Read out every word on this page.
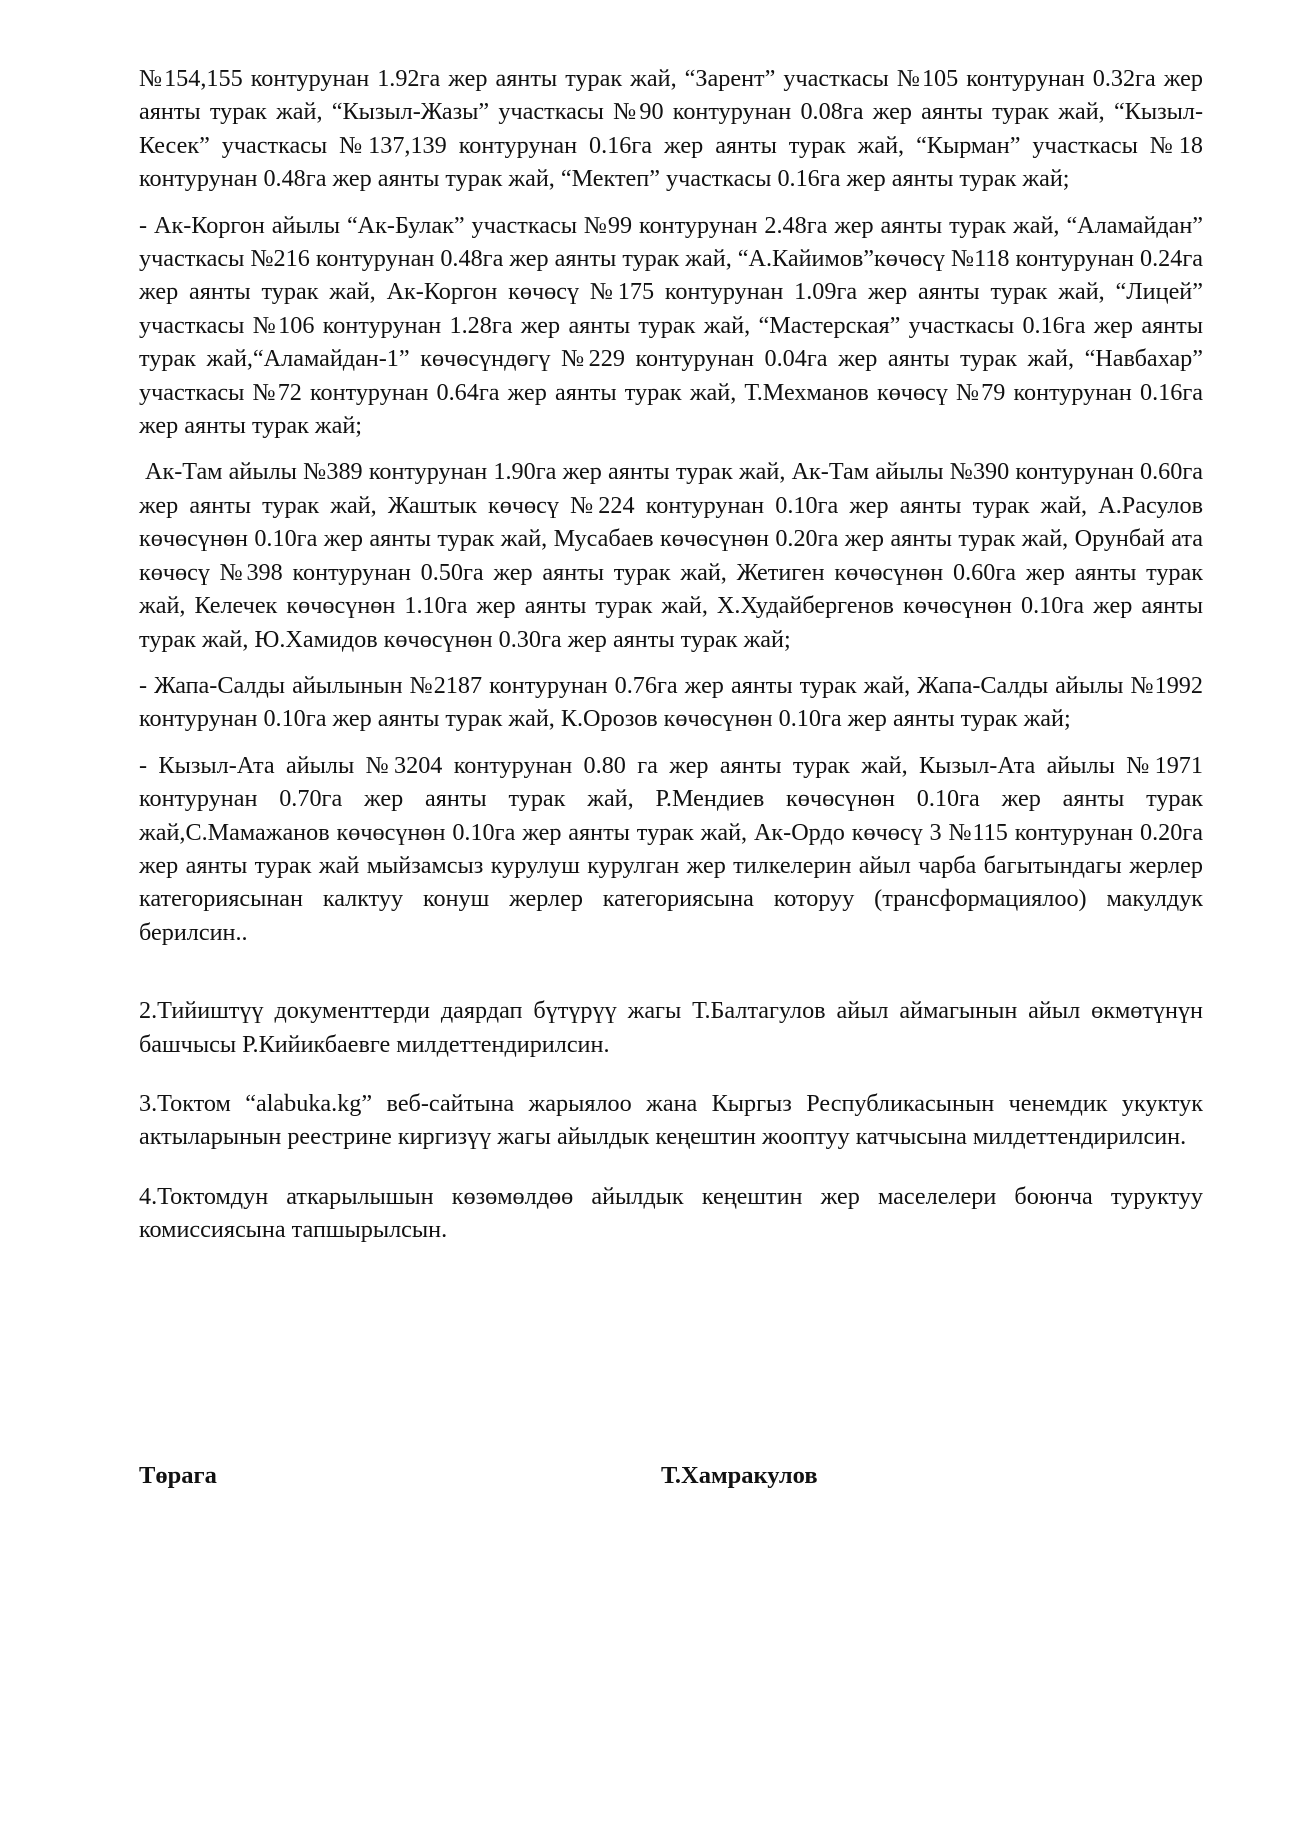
№154,155 контурунан 1.92га жер аянты турак жай, “Зарент” участкасы №105 контурунан 0.32га жер аянты турак жай, “Кызыл-Жазы” участкасы №90 контурунан 0.08га жер аянты турак жай, “Кызыл-Кесек” участкасы №137,139 контурунан 0.16га жер аянты турак жай, “Кырман” участкасы №18 контурунан 0.48га жер аянты турак жай, “Мектеп” участкасы 0.16га жер аянты турак жай;

- Ак-Коргон айылы “Ак-Булак” участкасы №99 контурунан 2.48га жер аянты турак жай, “Аламайдан” участкасы №216 контурунан 0.48га жер аянты турак жай, “А.Кайимов”көчөсү №118 контурунан 0.24га жер аянты турак жай, Ак-Коргон көчөсү №175 контурунан 1.09га жер аянты турак жай, “Лицей” участкасы №106 контурунан 1.28га жер аянты турак жай, “Мастерская” участкасы 0.16га жер аянты турак жай,“Аламайдан-1” көчөсүндөгү №229 контурунан 0.04га жер аянты турак жай, “Навбахар” участкасы №72 контурунан 0.64га жер аянты турак жай, Т.Мехманов көчөсү №79 контурунан 0.16га жер аянты турак жай;

Ак-Там айылы №389 контурунан 1.90га жер аянты турак жай, Ак-Там айылы №390 контурунан 0.60га жер аянты турак жай, Жаштык көчөсү №224 контурунан 0.10га жер аянты турак жай, А.Расулов көчөсүнөн 0.10га жер аянты турак жай, Мусабаев көчөсүнөн 0.20га жер аянты турак жай, Орунбай ата көчөсү №398 контурунан 0.50га жер аянты турак жай, Жетиген көчөсүнөн 0.60га жер аянты турак жай, Келечек көчөсүнөн 1.10га жер аянты турак жай, Х.Худайбергенов көчөсүнөн 0.10га жер аянты турак жай, Ю.Хамидов көчөсүнөн 0.30га жер аянты турак жай;

- Жапа-Салды айылынын №2187 контурунан 0.76га жер аянты турак жай, Жапа-Салды айылы №1992 контурунан 0.10га жер аянты турак жай, К.Орозов көчөсүнөн 0.10га жер аянты турак жай;

- Кызыл-Ата айылы №3204 контурунан 0.80 га жер аянты турак жай, Кызыл-Ата айылы №1971 контурунан 0.70га жер аянты турак жай, Р.Мендиев көчөсүнөн 0.10га жер аянты турак жай,С.Мамажанов көчөсүнөн 0.10га жер аянты турак жай, Ак-Ордо көчөсү 3 №115 контурунан 0.20га жер аянты турак жай мыйзамсыз курулуш курулган жер тилкелерин айыл чарба багытындагы жерлер категориясынан калктуу конуш жерлер категориясына которуу (трансформациялоо) макулдук берилсин..

2.Тийиштүү документтерди даярдап бүтүрүү жагы Т.Балтагулов айыл аймагынын айыл өкмөтүнүн башчысы Р.Кийикбаевге милдеттендирилсин.

3.Токтом “alabuka.kg” веб-сайтына жарыялоо жана Кыргыз Республикасынын ченемдик укуктук актыларынын реестрине киргизүү жагы айылдык кеңештин жооптуу катчысына милдеттендирилсин.

4.Токтомдун аткарылышын көзөмөлдөө айылдык кеңештин жер маселелери боюнча туруктуу комиссиясына тапшырылсын.

Төрага	Т.Хамракулов
